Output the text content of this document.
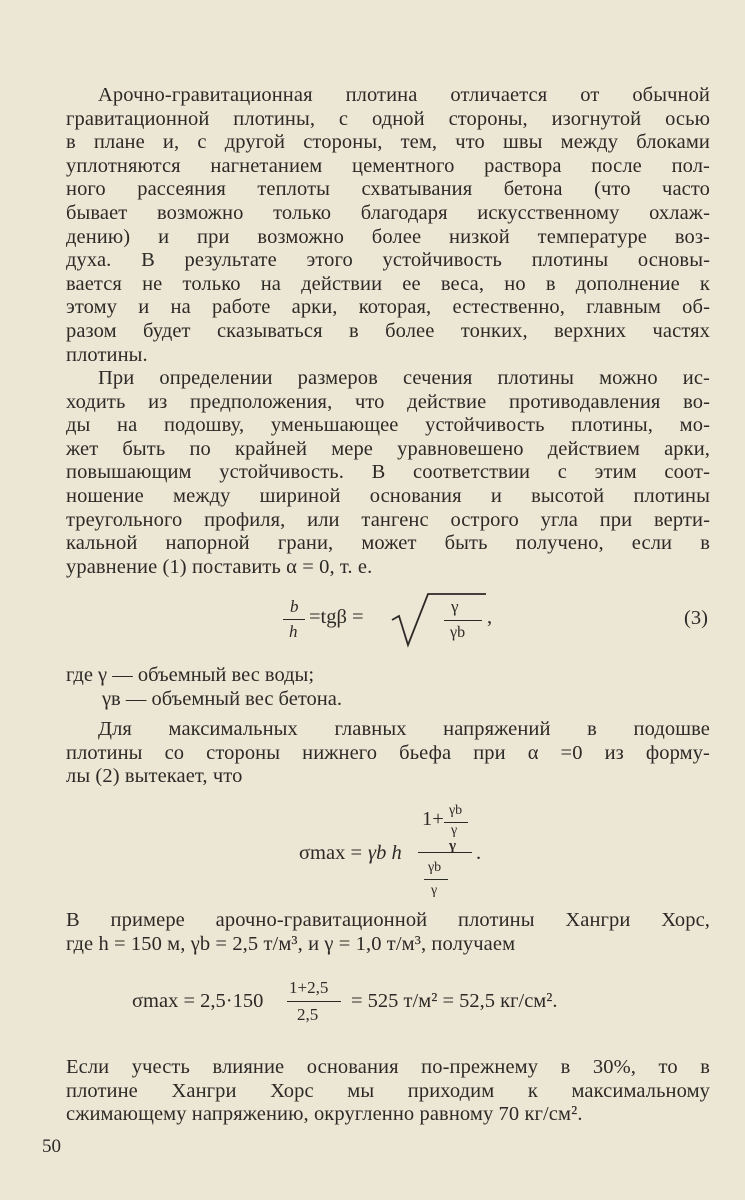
Арочно-гравитационная плотина отличается от обычной
гравитационной плотины, с одной стороны, изогнутой осью
в плане и, с другой стороны, тем, что швы между блоками
уплотняются нагнетанием цементного раствора после пол-
ного рассеяния теплоты схватывания бетона (что часто
бывает возможно только благодаря искусственному охлаж-
дению) и при возможно более низкой температуре воз-
духа. В результате этого устойчивость плотины основы-
вается не только на действии ее веса, но в дополнение к
этому и на работе арки, которая, естественно, главным об-
разом будет сказываться в более тонких, верхних частях
плотины.
При определении размеров сечения плотины можно ис-
ходить из предположения, что действие противодавления во-
ды на подошву, уменьшающее устойчивость плотины, мо-
жет быть по крайней мере уравновешено действием арки,
повышающим устойчивость. В соответствии с этим соот-
ношение между шириной основания и высотой плотины
треугольного профиля, или тангенс острого угла при верти-
кальной напорной грани, может быть получено, если в
уравнение (1) поставить α = 0, т. е.
b
h
=tgβ =	γ
γb
,	(3)
где γ — объемный вес воды;
γв — объемный вес бетона.
Для максимальных главных напряжений в подошве
плотины со стороны нижнего бьефа при α =0 из форму-
лы (2) вытекает, что
1+ γb
γ
σmax = γb h	γ .
γb
γ
В примере арочно-гравитационной плотины Хангри Хорс,
где h = 150 м, γb = 2,5 т/м³, и γ = 1,0 т/м³, получаем
σmax = 2,5·150
1+2,5
2,5
= 525 т/м² = 52,5 кг/см².
Если учесть влияние основания по-прежнему в 30%, то в
плотине Хангри Хорс мы приходим к максимальному
сжимающему напряжению, округленно равному 70 кг/см².
50
